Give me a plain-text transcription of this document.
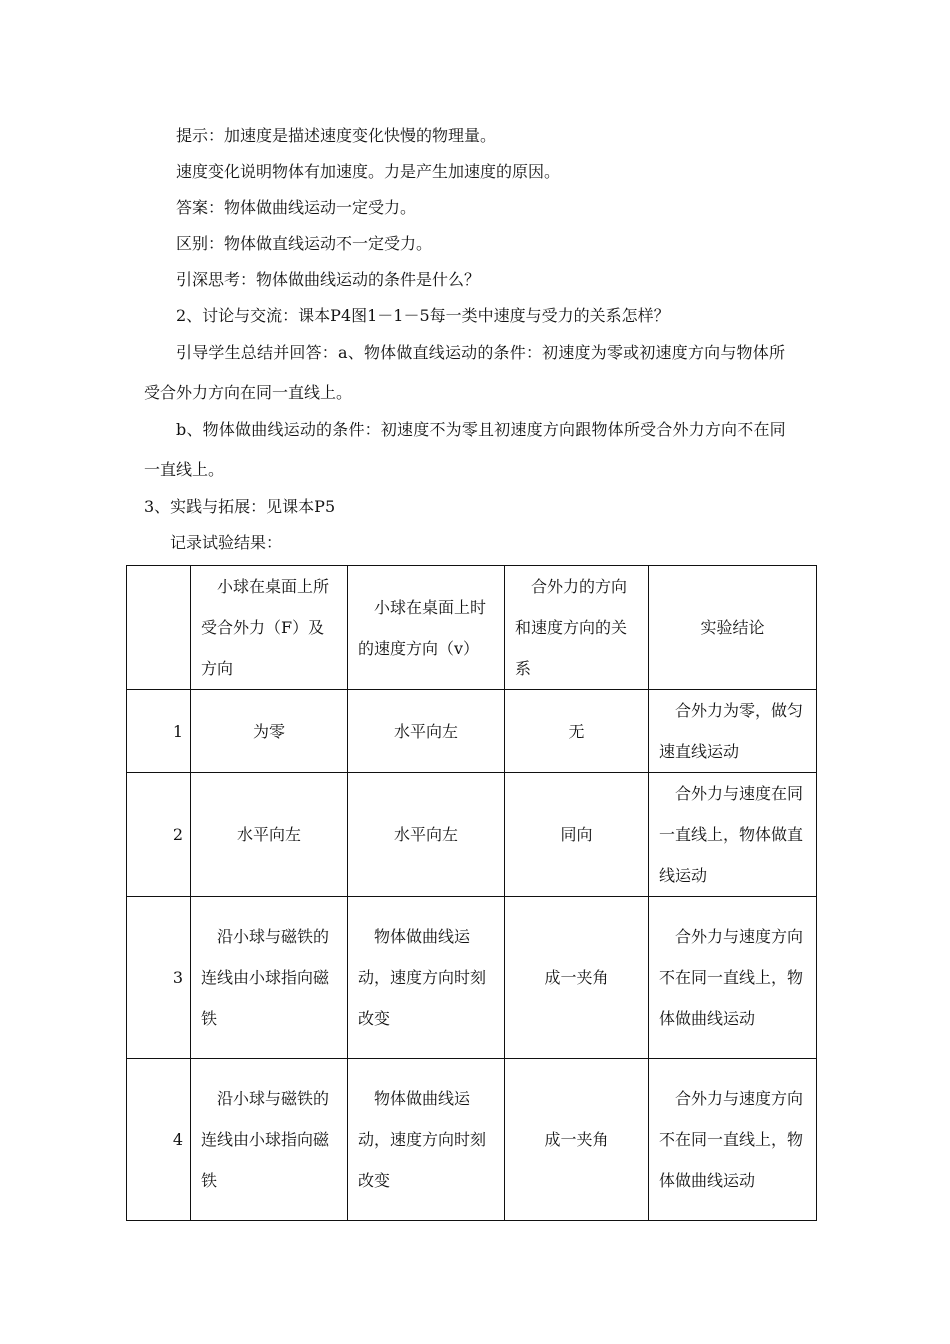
提示：加速度是描述速度变化快慢的物理量。
速度变化说明物体有加速度。力是产生加速度的原因。
答案：物体做曲线运动一定受力。
区别：物体做直线运动不一定受力。
引深思考：物体做曲线运动的条件是什么？
2、讨论与交流：课本P4图1－1－5每一类中速度与受力的关系怎样？
引导学生总结并回答：a、物体做直线运动的条件：初速度为零或初速度方向与物体所
受合外力方向在同一直线上。
b、物体做曲线运动的条件：初速度不为零且初速度方向跟物体所受合外力方向不在同
一直线上。
3、实践与拓展：见课本P5
记录试验结果：
	　小球在桌面上所受合外力（F）及方向	　小球在桌面上时的速度方向（v）	　合外力的方向和速度方向的关系	实验结论
1	为零	水平向左	无	　合外力为零，做匀速直线运动
2	水平向左	水平向左	同向	　合外力与速度在同一直线上，物体做直线运动
3	　沿小球与磁铁的连线由小球指向磁铁	　物体做曲线运动，速度方向时刻改变	成一夹角	　合外力与速度方向不在同一直线上，物体做曲线运动
4	　沿小球与磁铁的连线由小球指向磁铁	　物体做曲线运动，速度方向时刻改变	成一夹角	　合外力与速度方向不在同一直线上，物体做曲线运动
